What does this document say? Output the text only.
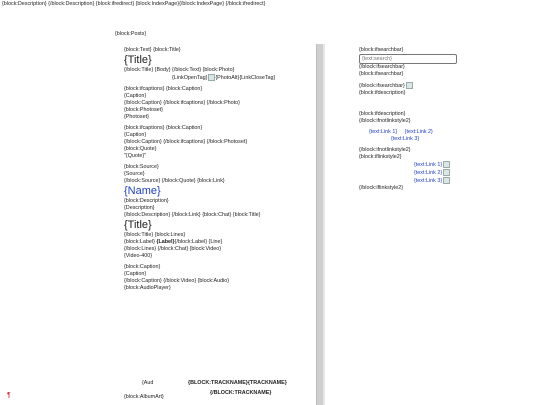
{block:Description} {/block:Description} {block:ifredirect} {block:IndexPage}{/block:IndexPage} {/block:ifredirect}
{block:Posts}
{block:Text} {block:Title}
{Title}
{/block:Title} {Body} {/block:Text} {block:Photo}
{LinkOpenTag} {PhotoAlt}{LinkCloseTag}
{block:ifcaptions} {block:Caption}
{Caption}
{/block:Caption} {/block:ifcaptions} {/block:Photo}
{block:Photoset}
{Photoset}
{block:ifcaptions} {block:Caption}
{Caption}
{/block:Caption} {/block:ifcaptions} {/block:Photoset}
{block:Quote}
"{Quote}"
{block:Source}
{Source}
{/block:Source} {/block:Quote} {block:Link}
{Name}
{block:Description}
{Description}
{/block:Description} {/block:Link} {block:Chat} {block:Title}
{Title}
{/block:Title} {block:Lines}
{block:Label} {Label}{/block:Label} {Line}
{/block:Lines} {/block:Chat} {block:Video}
{Video-400}
{block:Caption}
{Caption}
{/block:Caption} {/block:Video} {block:Audio}
{block:AudioPlayer}
{Aud
{block:AlbumArt}
{BLOCK:TRACKNAME}{TRACKNAME}
{/BLOCK:TRACKNAME}
¶
{block:ifsearchbar}
{text:search}
{/block:ifsearchbar}
{block:ifsearchbar}
{/block:ifsearchbar}
{block:ifdescription}
{block:ifdescription}
{/block:ifnotlinkstyle2}
{text:Link 1} {text:Link 2}
{text:Link 3}
{/block:ifnotlinkstyle2}
{block:iflinkstyle2}
{text:Link 1}
{text:Link 2}
{text:Link 3}
{/block:iflinkstyle2}
